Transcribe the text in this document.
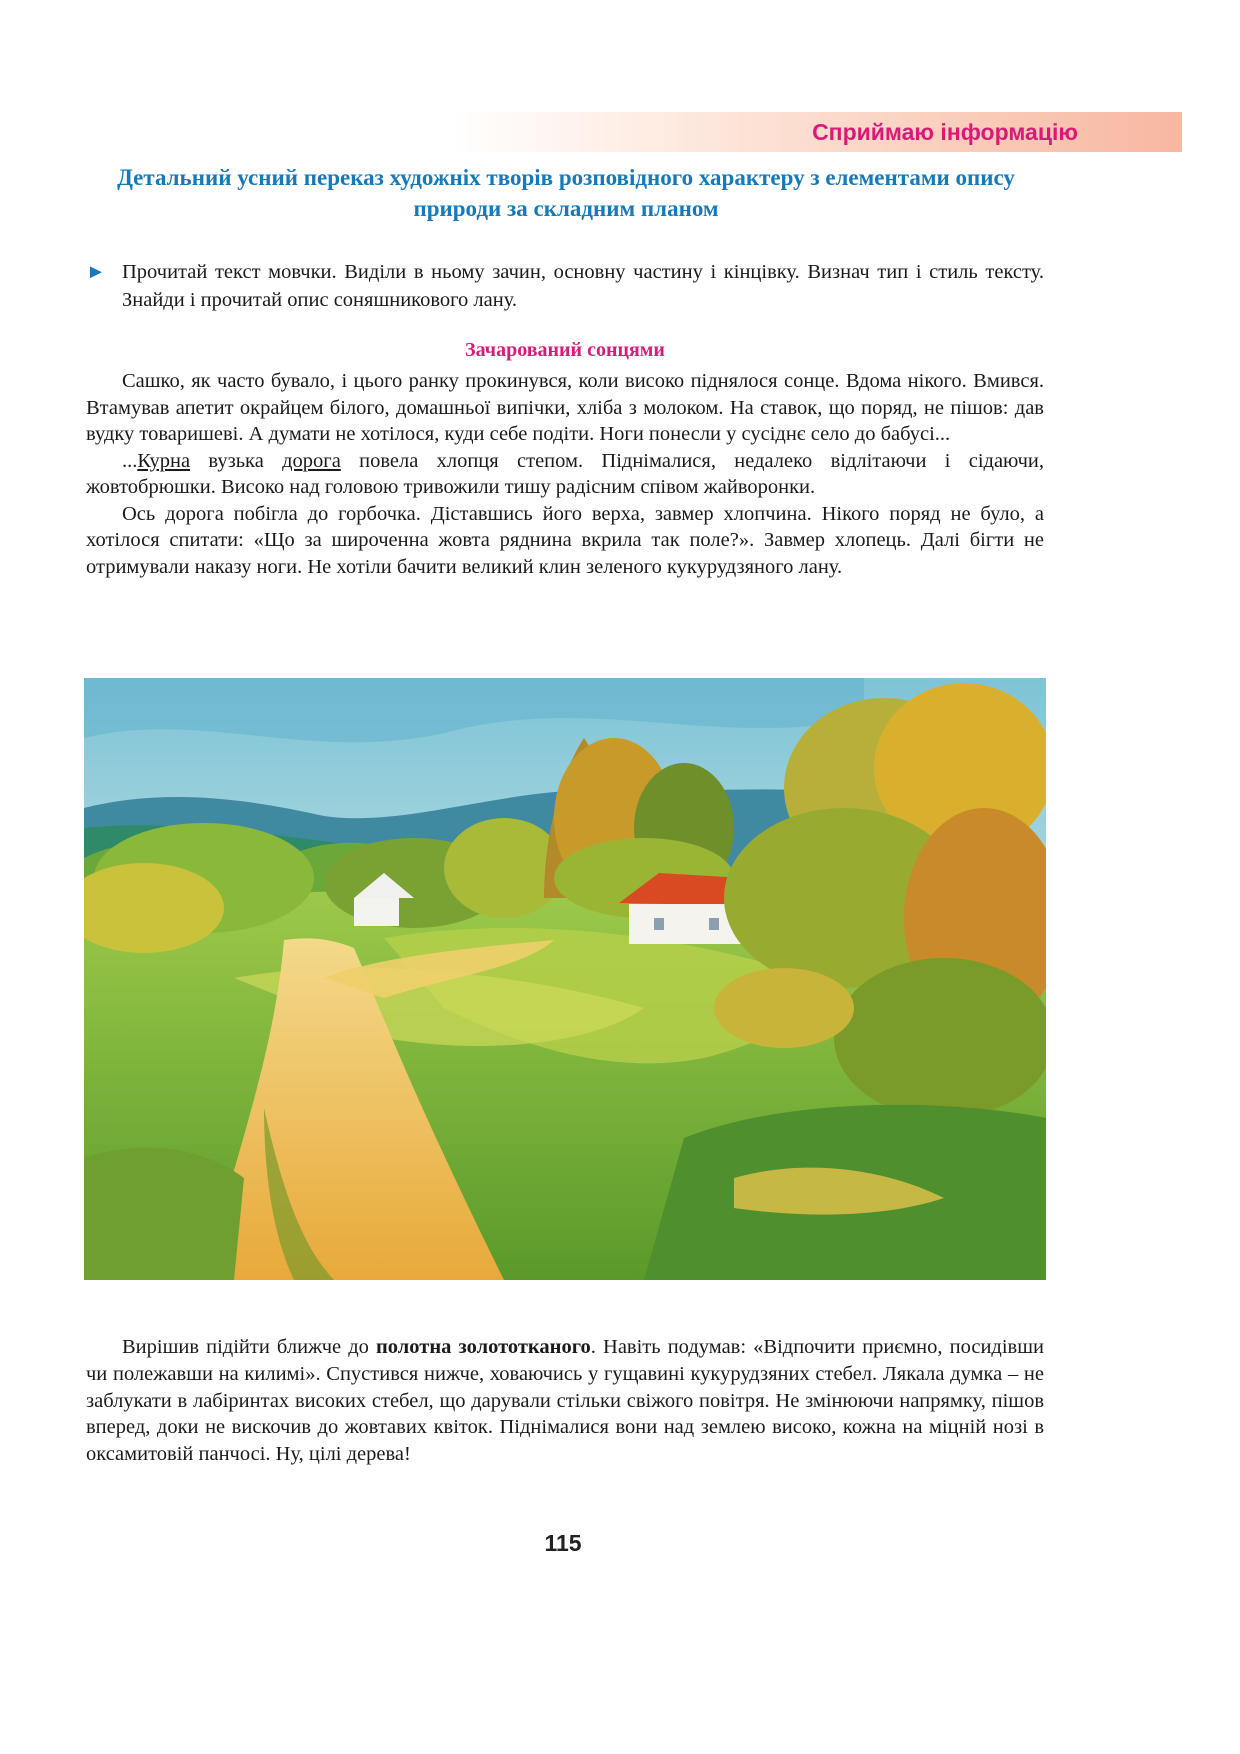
Сприймаю інформацію
Детальний усний переказ художніх творів розповідного характеру з елементами опису природи за складним планом
► Прочитай текст мовчки. Виділи в ньому зачин, основну частину і кінцівку. Визнач тип і стиль тексту. Знайди і прочитай опис соняшникового лану.
Зачарований сонцями

Сашко, як часто бувало, і цього ранку прокинувся, коли високо піднялося сонце. Вдома нікого. Вмився. Втамував апетит окрайцем білого, домашньої випічки, хліба з молоком. На ставок, що поряд, не пішов: дав вудку товаришеві. А думати не хотілося, куди себе подіти. Ноги понесли у сусіднє село до бабусі...

...Курна вузька дорога повела хлопця степом. Піднімалися, недалеко відлітаючи і сідаючи, жовтобрюшки. Високо над головою тривожили тишу радісним співом жайворонки.

Ось дорога побігла до горбочка. Діставшись його верха, завмер хлопчина. Нікого поряд не було, а хотілося спитати: «Що за широченна жовта ряднина вкрила так поле?». Завмер хлопець. Далі бігти не отримували наказу ноги. Не хотіли бачити великий клин зеленого кукурудзяного лану.

Вирішив підійти ближче до полотна золототканого. Навіть подумав: «Відпочити приємно, посидівши чи полежавши на килимі». Спустився нижче, ховаючись у гущавині кукурудзяних стебел. Лякала думка – не заблукати в лабіринтах високих стебел, що дарували стільки свіжого повітря. Не змінюючи напрямку, пішов вперед, доки не вискочив до жовтавих квіток. Піднімалися вони над землею високо, кожна на міцній нозі в оксамитовій панчосі. Ну, цілі дерева!

115
